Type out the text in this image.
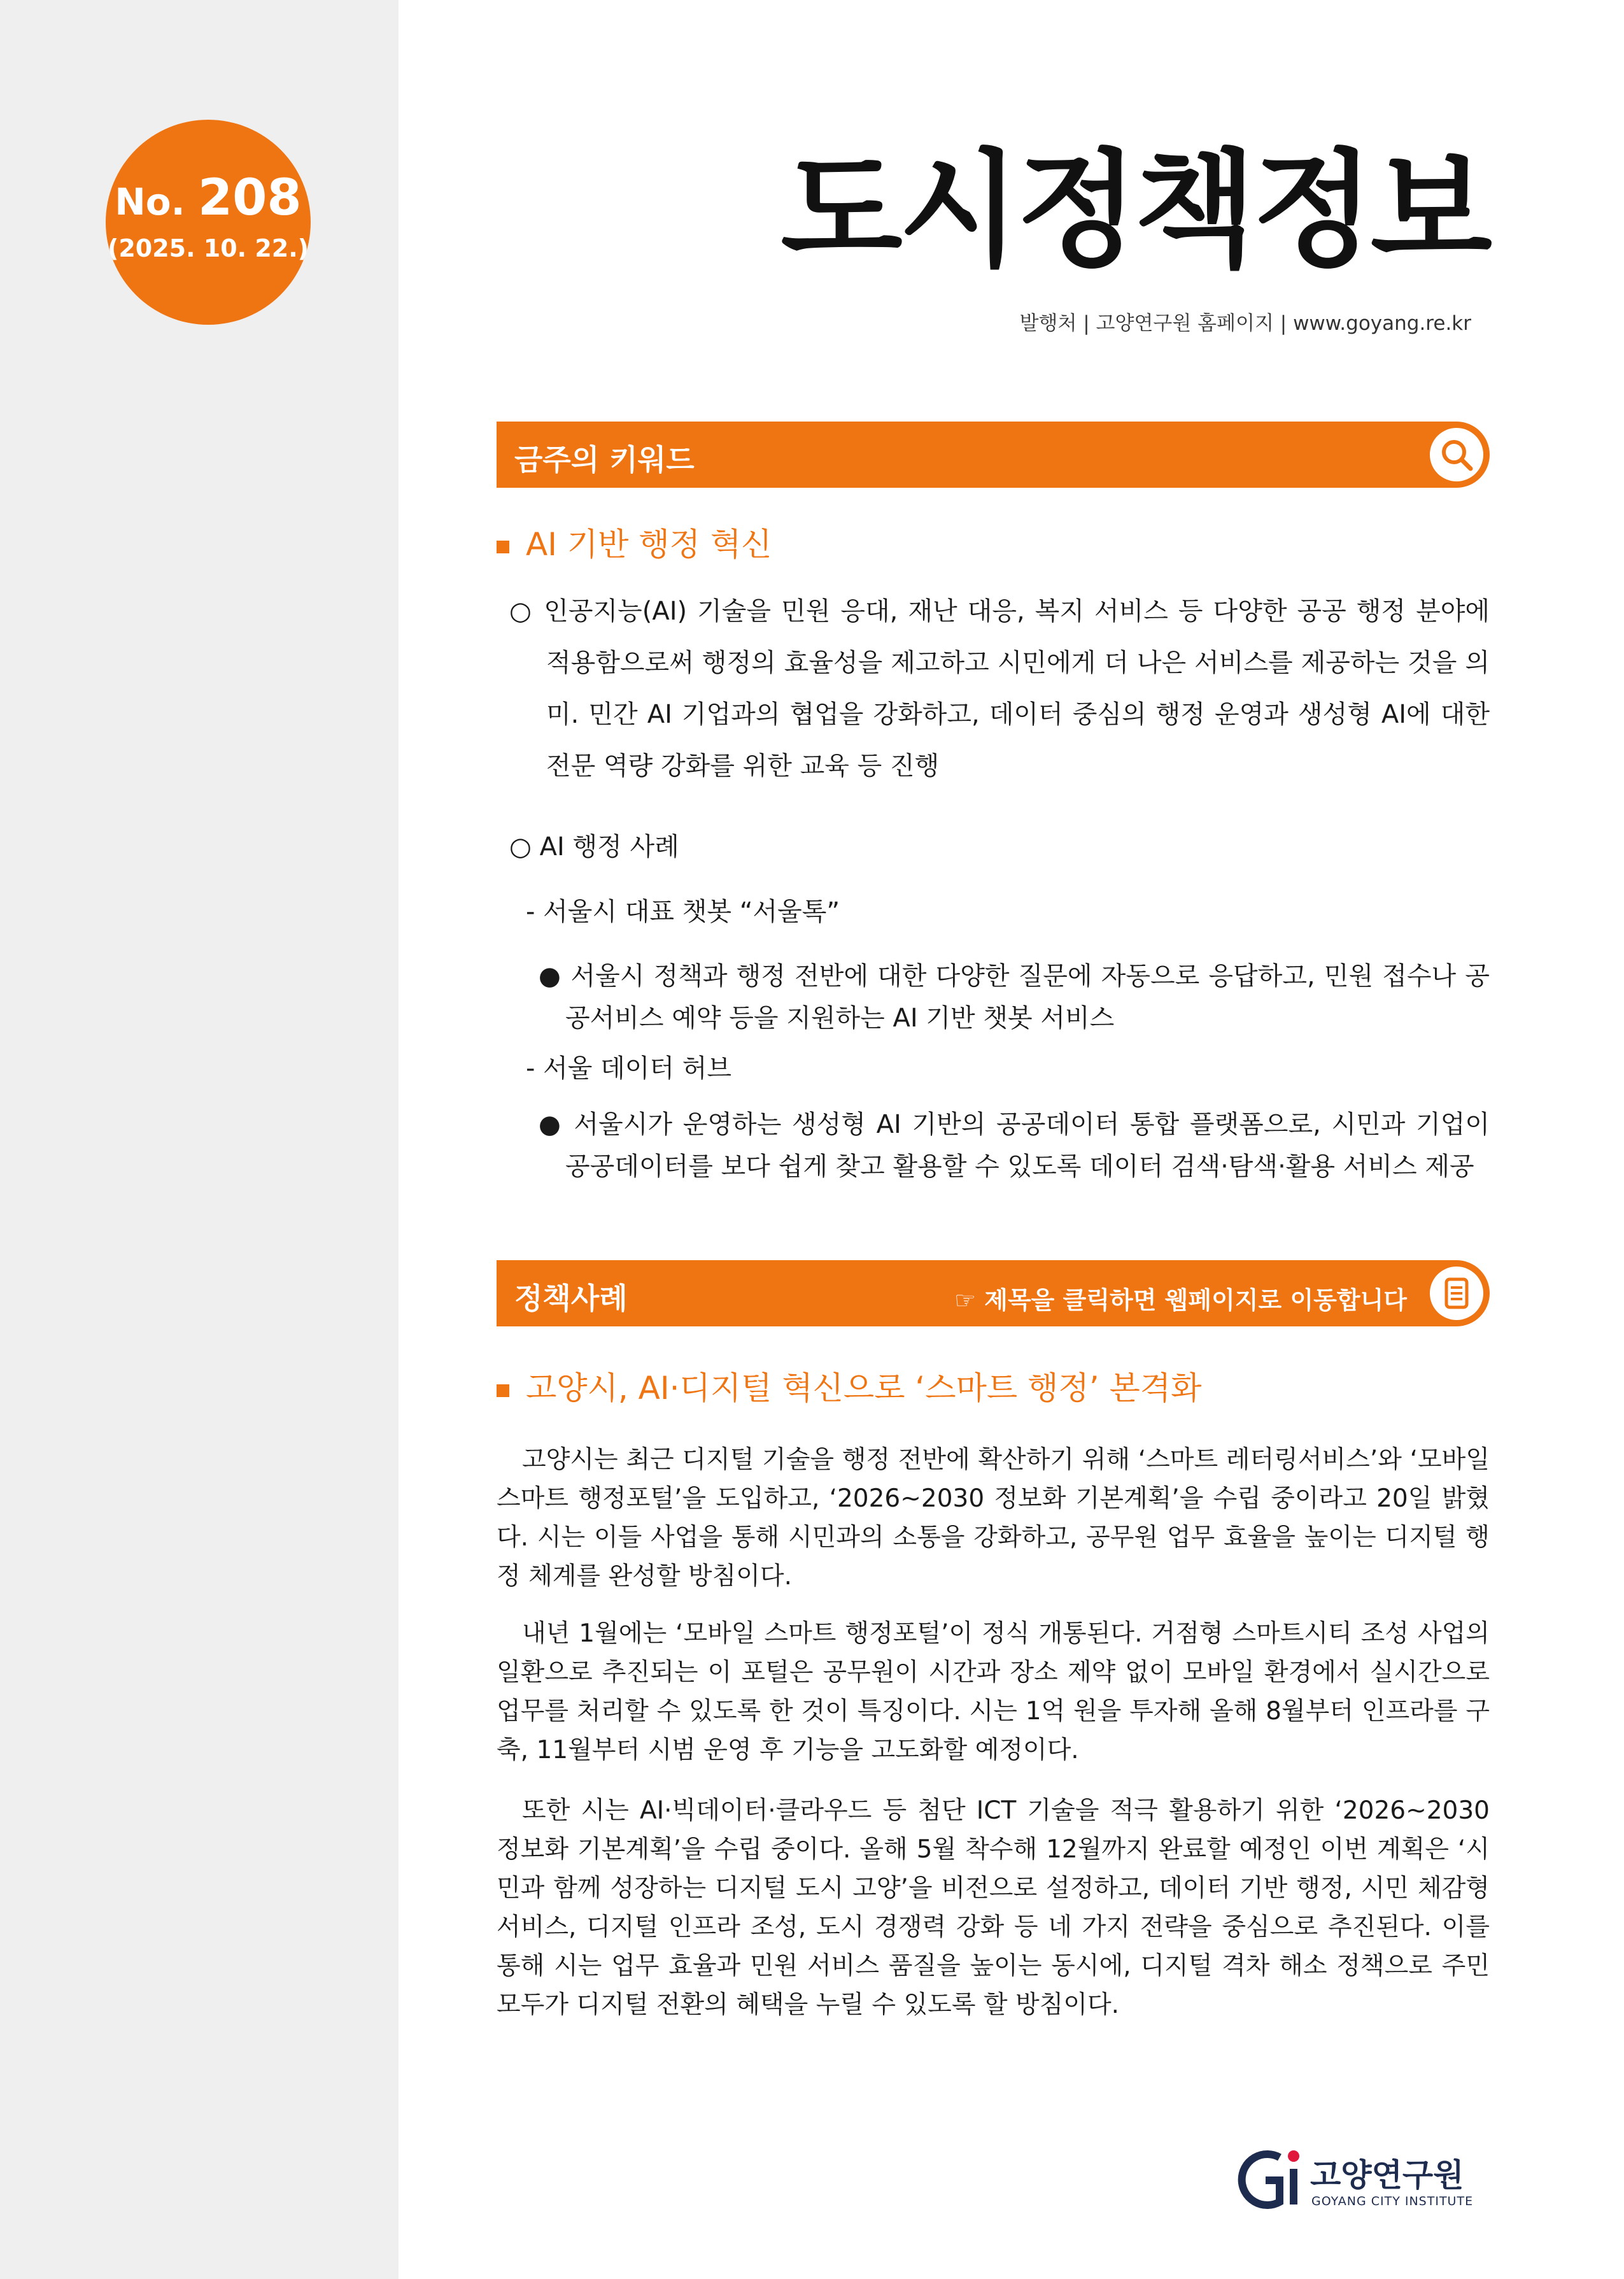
No. 208
(2025. 10. 22.)	도시정책정보
발행처 | 고양연구원 홈페이지 | www.goyang.re.kr
금주의 키워드
AI 기반 행정 혁신
○ 인공지능(AI) 기술을 민원 응대, 재난 대응, 복지 서비스 등 다양한 공공 행정 분야에 적용함으로써 행정의 효율성을 제고하고 시민에게 더 나은 서비스를 제공하는 것을 의미. 민간 AI 기업과의 협업을 강화하고, 데이터 중심의 행정 운영과 생성형 AI에 대한 전문 역량 강화를 위한 교육 등 진행
○ AI 행정 사례
- 서울시 대표 챗봇 “서울톡”
● 서울시 정책과 행정 전반에 대한 다양한 질문에 자동으로 응답하고, 민원 접수나 공공서비스 예약 등을 지원하는 AI 기반 챗봇 서비스
- 서울 데이터 허브
● 서울시가 운영하는 생성형 AI 기반의 공공데이터 통합 플랫폼으로, 시민과 기업이 공공데이터를 보다 쉽게 찾고 활용할 수 있도록 데이터 검색·탐색·활용 서비스 제공
정책사례	☞ 제목을 클릭하면 웹페이지로 이동합니다
고양시, AI·디지털 혁신으로 ‘스마트 행정’ 본격화
고양시는 최근 디지털 기술을 행정 전반에 확산하기 위해 ‘스마트 레터링서비스’와 ‘모바일 스마트 행정포털’을 도입하고, ‘2026~2030 정보화 기본계획’을 수립 중이라고 20일 밝혔다. 시는 이들 사업을 통해 시민과의 소통을 강화하고, 공무원 업무 효율을 높이는 디지털 행정 체계를 완성할 방침이다.
내년 1월에는 ‘모바일 스마트 행정포털’이 정식 개통된다. 거점형 스마트시티 조성 사업의 일환으로 추진되는 이 포털은 공무원이 시간과 장소 제약 없이 모바일 환경에서 실시간으로 업무를 처리할 수 있도록 한 것이 특징이다. 시는 1억 원을 투자해 올해 8월부터 인프라를 구축, 11월부터 시범 운영 후 기능을 고도화할 예정이다.
또한 시는 AI·빅데이터·클라우드 등 첨단 ICT 기술을 적극 활용하기 위한 ‘2026~2030 정보화 기본계획’을 수립 중이다. 올해 5월 착수해 12월까지 완료할 예정인 이번 계획은 ‘시민과 함께 성장하는 디지털 도시 고양’을 비전으로 설정하고, 데이터 기반 행정, 시민 체감형 서비스, 디지털 인프라 조성, 도시 경쟁력 강화 등 네 가지 전략을 중심으로 추진된다. 이를 통해 시는 업무 효율과 민원 서비스 품질을 높이는 동시에, 디지털 격차 해소 정책으로 주민 모두가 디지털 전환의 혜택을 누릴 수 있도록 할 방침이다.
고양연구원
GOYANG CITY INSTITUTE
